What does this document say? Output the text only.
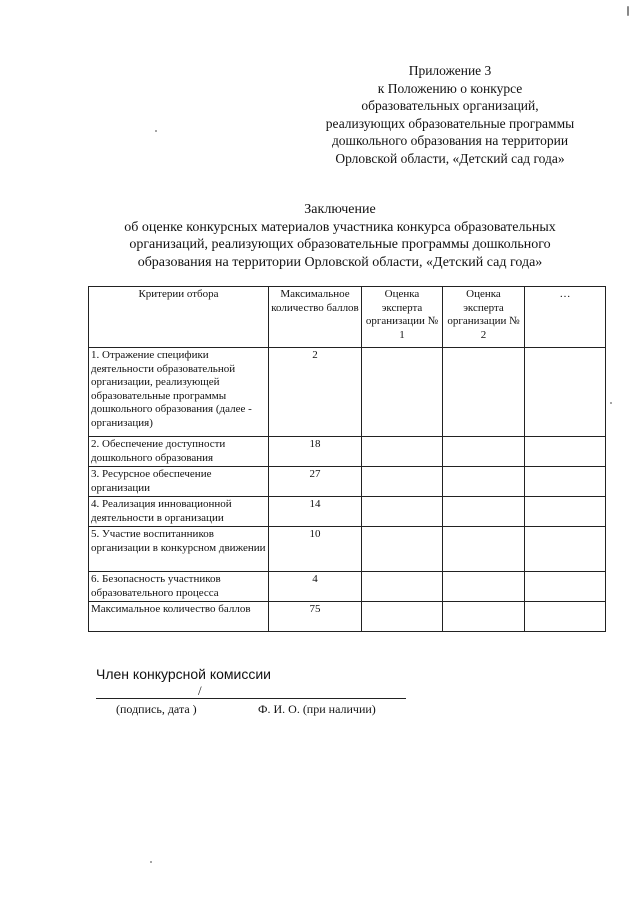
Приложение 3
к Положению о конкурсе
образовательных организаций,
реализующих образовательные программы
дошкольного образования на территории
Орловской области, «Детский сад года»
Заключение
об оценке конкурсных материалов участника конкурса образовательных
организаций, реализующих образовательные программы дошкольного
образования на территории Орловской области, «Детский сад года»
Критерии отбора	Максимальное количество баллов	Оценка эксперта организации № 1	Оценка эксперта организации № 2	…
1. Отражение специфики деятельности образовательной организации, реализующей образовательные программы дошкольного образования (далее - организация)	2			
2. Обеспечение доступности дошкольного образования	18			
3. Ресурсное обеспечение организации	27			
4. Реализация инновационной деятельности в организации	14			
5. Участие воспитанников организации в конкурсном движении	10			
6. Безопасность участников образовательного процесса	4			
Максимальное количество баллов	75			
Член конкурсной комиссии
/
(подпись, дата )	Ф. И. О. (при наличии)
